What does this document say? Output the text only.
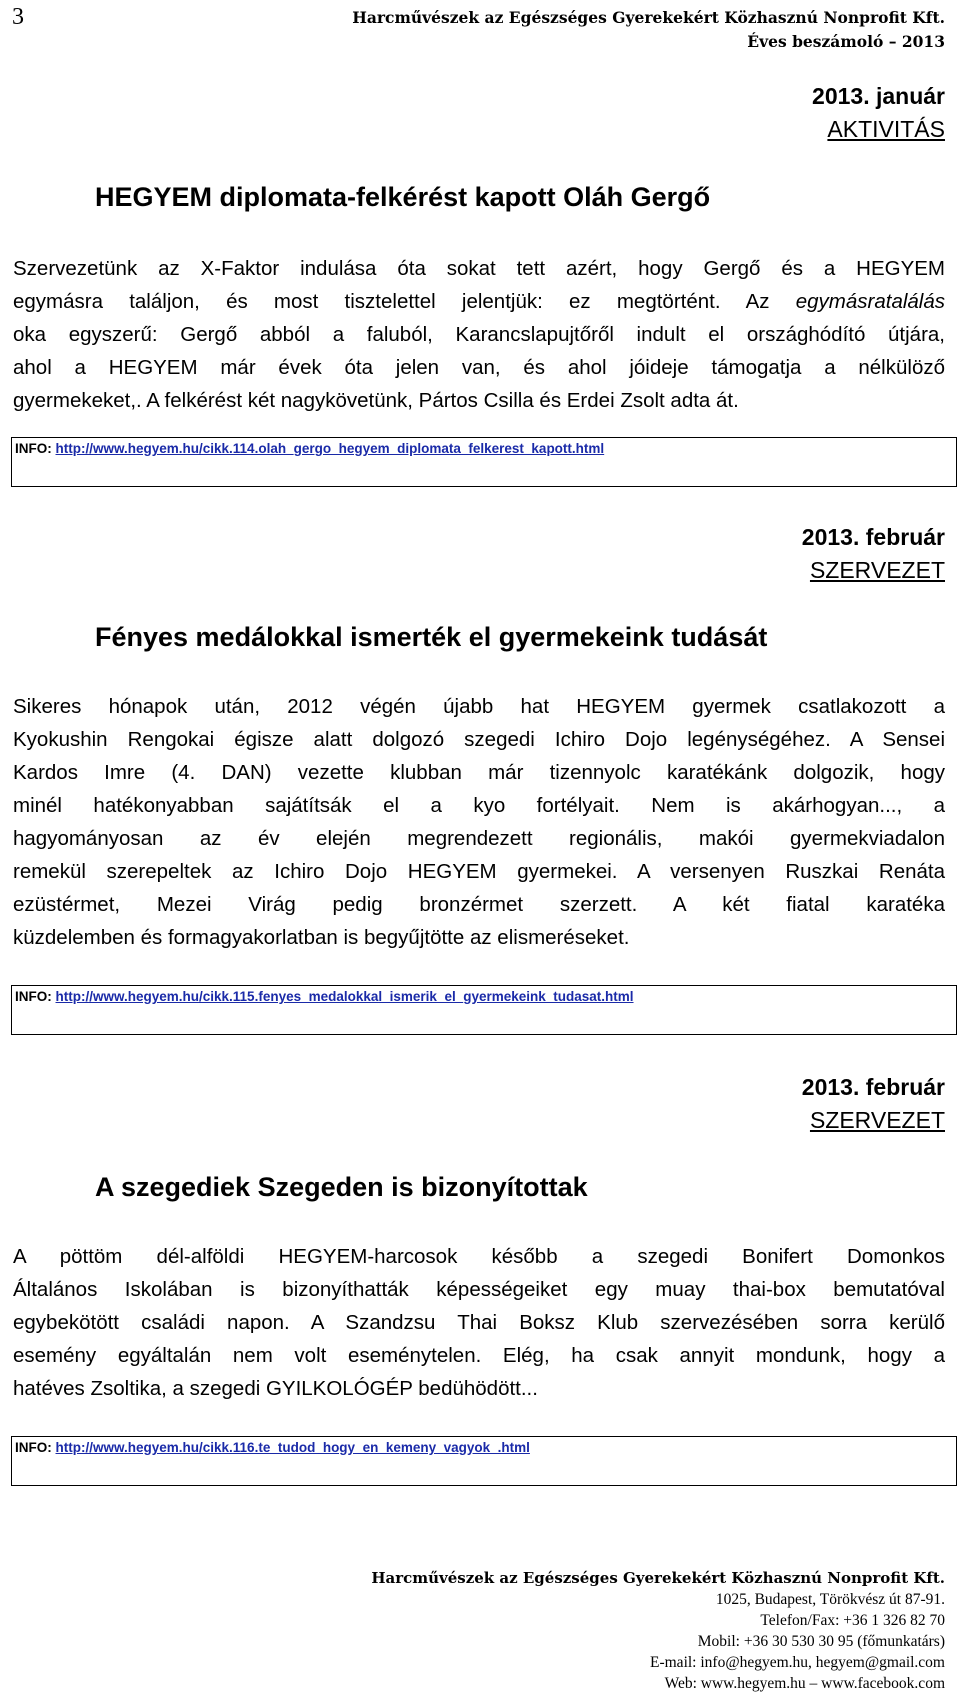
3	Harcművészek az Egészséges Gyerekekért Közhasznú Nonprofit Kft.
Éves beszámoló – 2013
2013. január
AKTIVITÁS
HEGYEM diplomata-felkérést kapott Oláh Gergő
Szervezetünk az X-Faktor indulása óta sokat tett azért, hogy Gergő és a HEGYEM
egymásra találjon, és most tisztelettel jelentjük: ez megtörtént. Az egymásratalálás
oka egyszerű: Gergő abból a faluból, Karancslapujtőről indult el országhódító útjára,
ahol a HEGYEM már évek óta jelen van, és ahol jóideje támogatja a nélkülöző
gyermekeket,. A felkérést két nagykövetünk, Pártos Csilla és Erdei Zsolt adta át.
INFO: http://www.hegyem.hu/cikk.114.olah_gergo_hegyem_diplomata_felkerest_kapott.html
2013. február
SZERVEZET
Fényes medálokkal ismerték el gyermekeink tudását
Sikeres hónapok után, 2012 végén újabb hat HEGYEM gyermek csatlakozott a
Kyokushin Rengokai égisze alatt dolgozó szegedi Ichiro Dojo legénységéhez. A Sensei
Kardos Imre (4. DAN) vezette klubban már tizennyolc karatékánk dolgozik, hogy
minél hatékonyabban sajátítsák el a kyo fortélyait. Nem is akárhogyan..., a
hagyományosan az év elején megrendezett regionális, makói gyermekviadalon
remekül szerepeltek az Ichiro Dojo HEGYEM gyermekei. A versenyen Ruszkai Renáta
ezüstérmet, Mezei Virág pedig bronzérmet szerzett. A két fiatal karatéka
küzdelemben és formagyakorlatban is begyűjtötte az elismeréseket.
INFO: http://www.hegyem.hu/cikk.115.fenyes_medalokkal_ismerik_el_gyermekeink_tudasat.html
2013. február
SZERVEZET
A szegediek Szegeden is bizonyítottak
A pöttöm dél-alföldi HEGYEM-harcosok később a szegedi Bonifert Domonkos
Általános Iskolában is bizonyíthatták képességeiket egy muay thai-box bemutatóval
egybekötött családi napon. A Szandzsu Thai Boksz Klub szervezésében sorra kerülő
esemény egyáltalán nem volt eseménytelen. Elég, ha csak annyit mondunk, hogy a
hatéves Zsoltika, a szegedi GYILKOLÓGÉP bedühödött...
INFO: http://www.hegyem.hu/cikk.116.te_tudod_hogy_en_kemeny_vagyok_.html
Harcművészek az Egészséges Gyerekekért Közhasznú Nonprofit Kft.
1025, Budapest, Törökvész út 87-91.
Telefon/Fax: +36 1 326 82 70
Mobil: +36 30 530 30 95 (főmunkatárs)
E-mail: info@hegyem.hu, hegyem@gmail.com
Web: www.hegyem.hu – www.facebook.com
